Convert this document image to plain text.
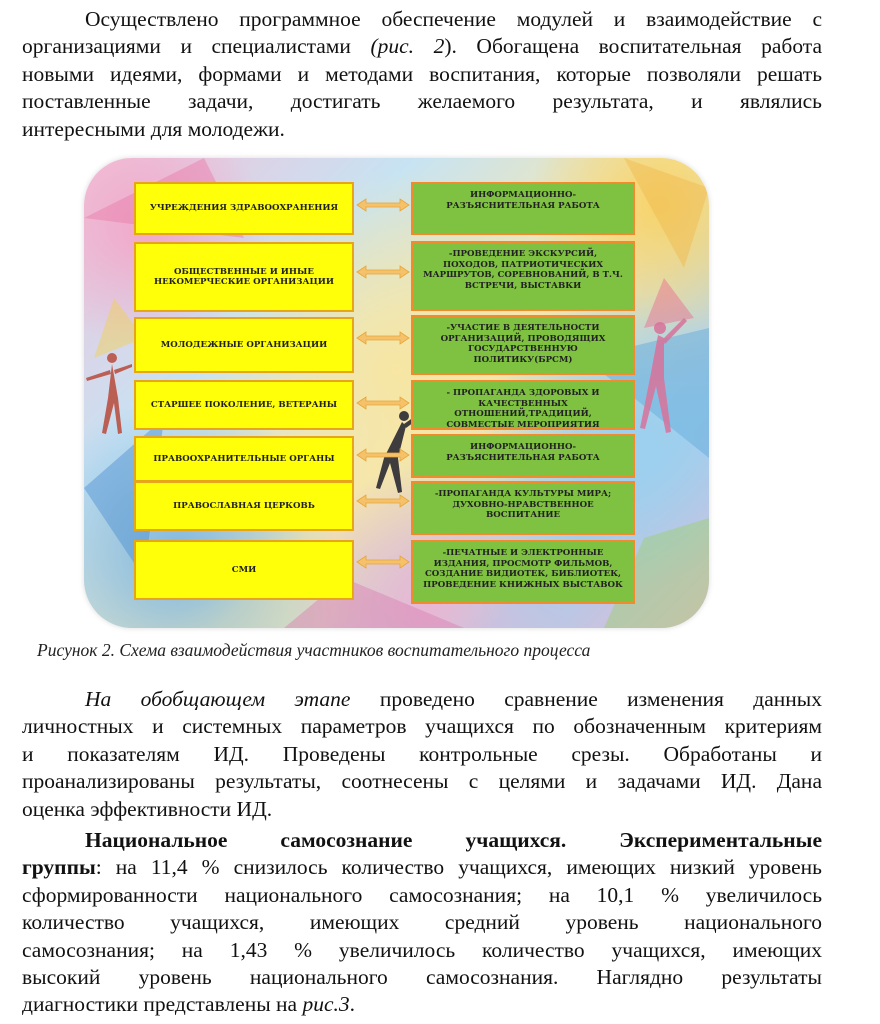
Осуществлено программное обеспечение модулей и взаимодействие с
организациями и специалистами (рис. 2). Обогащена воспитательная работа
новыми идеями, формами и методами воспитания, которые позволяли решать
поставленные задачи, достигать желаемого результата, и являлись
интересными для молодежи.
УЧРЕЖДЕНИЯ ЗДРАВООХРАНЕНИЯ
ОБЩЕСТВЕННЫЕ И ИНЫЕ НЕКОМЕРЧЕСКИЕ ОРГАНИЗАЦИИ
МОЛОДЕЖНЫЕ ОРГАНИЗАЦИИ
СТАРШЕЕ ПОКОЛЕНИЕ, ВЕТЕРАНЫ
ПРАВООХРАНИТЕЛЬНЫЕ ОРГАНЫ
ПРАВОСЛАВНАЯ ЦЕРКОВЬ
СМИ
ИНФОРМАЦИОННО-РАЗЪЯСНИТЕЛЬНАЯ РАБОТА
-ПРОВЕДЕНИЕ ЭКСКУРСИЙ, ПОХОДОВ, ПАТРИОТИЧЕСКИХ МАРШРУТОВ, СОРЕВНОВАНИЙ, В Т.Ч. ВСТРЕЧИ, ВЫСТАВКИ
-УЧАСТИЕ В ДЕЯТЕЛЬНОСТИ ОРГАНИЗАЦИЙ, ПРОВОДЯЩИХ ГОСУДАРСТВЕННУЮ ПОЛИТИКУ(БРСМ)
- ПРОПАГАНДА ЗДОРОВЫХ И КАЧЕСТВЕННЫХ ОТНОШЕНИЙ,ТРАДИЦИЙ, СОВМЕСТЫЕ МЕРОПРИЯТИЯ
ИНФОРМАЦИОННО-РАЗЪЯСНИТЕЛЬНАЯ РАБОТА
-ПРОПАГАНДА КУЛЬТУРЫ МИРА; ДУХОВНО-НРАВСТВЕННОЕ ВОСПИТАНИЕ
-ПЕЧАТНЫЕ И ЭЛЕКТРОННЫЕ ИЗДАНИЯ, ПРОСМОТР ФИЛЬМОВ, СОЗДАНИЕ ВИДИОТЕК, БИБЛИОТЕК, ПРОВЕДЕНИЕ КНИЖНЫХ ВЫСТАВОК
Рисунок 2. Схема взаимодействия участников воспитательного процесса
На обобщающем этапе проведено сравнение изменения данных
личностных и системных параметров учащихся по обозначенным критериям
и показателям ИД. Проведены контрольные срезы. Обработаны и
проанализированы результаты, соотнесены с целями и задачами ИД. Дана
оценка эффективности ИД.
Национальное самосознание учащихся. Экспериментальные
группы: на 11,4 % снизилось количество учащихся, имеющих низкий уровень
сформированности национального самосознания; на 10,1 % увеличилось
количество учащихся, имеющих средний уровень национального
самосознания; на 1,43 % увеличилось количество учащихся, имеющих
высокий уровень национального самосознания. Наглядно результаты
диагностики представлены на рис.3.
